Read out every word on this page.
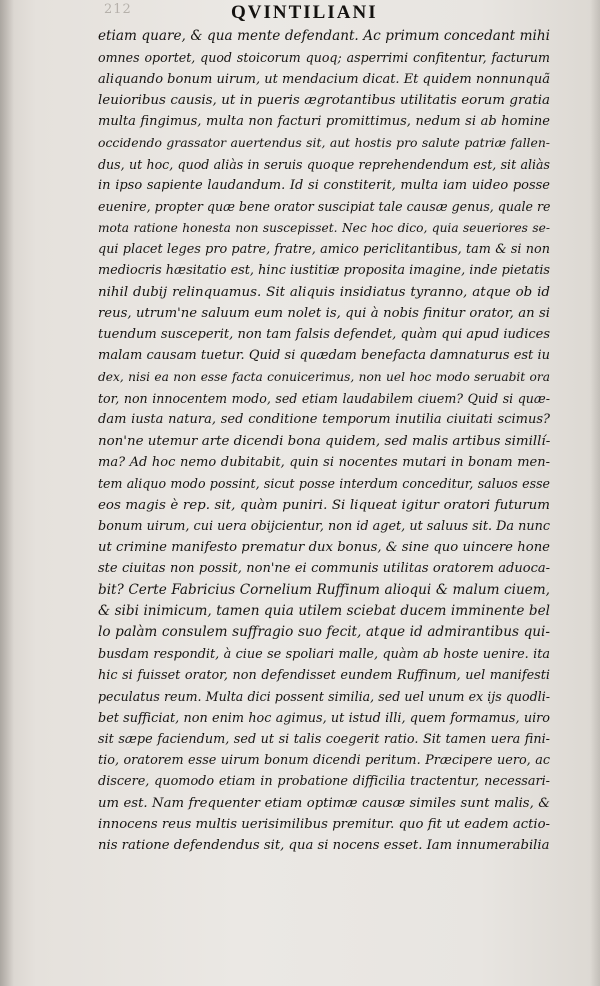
212	QVINTILIANI
etiam quare, & qua mente defendant. Ac primum concedant mihi
omnes oportet, quod stoicorum quoq; asperrimi confitentur, facturum
aliquando bonum uirum, ut mendacium dicat. Et quidem nonnunquã
leuioribus causis, ut in pueris ægrotantibus utilitatis eorum gratia
multa fingimus, multa non facturi promittimus, nedum si ab homine
occidendo grassator auertendus sit, aut hostis pro salute patriæ fallen-
dus, ut hoc, quod aliàs in seruis quoque reprehendendum est, sit aliàs
in ipso sapiente laudandum. Id si constiterit, multa iam uideo posse
euenire, propter quæ bene orator suscipiat tale causæ genus, quale re
mota ratione honesta non suscepisset. Nec hoc dico, quia seueriores se-
qui placet leges pro patre, fratre, amico periclitantibus, tam & si non
mediocris hæsitatio est, hinc iustitiæ proposita imagine, inde pietatis
nihil dubij relinquamus. Sit aliquis insidiatus tyranno, atque ob id
reus, utrum'ne saluum eum nolet is, qui à nobis finitur orator, an si
tuendum susceperit, non tam falsis defendet, quàm qui apud iudices
malam causam tuetur. Quid si quædam benefacta damnaturus est iu
dex, nisi ea non esse facta conuicerimus, non uel hoc modo seruabit ora
tor, non innocentem modo, sed etiam laudabilem ciuem? Quid si quæ-
dam iusta natura, sed conditione temporum inutilia ciuitati scimus?
non'ne utemur arte dicendi bona quidem, sed malis artibus simillí-
ma? Ad hoc nemo dubitabit, quin si nocentes mutari in bonam men-
tem aliquo modo possint, sicut posse interdum conceditur, saluos esse
eos magis è rep. sit, quàm puniri. Si liqueat igitur oratori futurum
bonum uirum, cui uera obijcientur, non id aget, ut saluus sit. Da nunc
ut crimine manifesto prematur dux bonus, & sine quo uincere hone
ste ciuitas non possit, non'ne ei communis utilitas oratorem aduoca-
bit? Certe Fabricius Cornelium Ruffinum alioqui & malum ciuem,
& sibi inimicum, tamen quia utilem sciebat ducem imminente bel
lo palàm consulem suffragio suo fecit, atque id admirantibus qui-
busdam respondit, à ciue se spoliari malle, quàm ab hoste uenire. ita
hic si fuisset orator, non defendisset eundem Ruffinum, uel manifesti
peculatus reum. Multa dici possent similia, sed uel unum ex ijs quodli-
bet sufficiat, non enim hoc agimus, ut istud illi, quem formamus, uiro
sit sæpe faciendum, sed ut si talis coegerit ratio. Sit tamen uera fini-
tio, oratorem esse uirum bonum dicendi peritum. Præcipere uero, ac
discere, quomodo etiam in probatione difficilia tractentur, necessari-
um est. Nam frequenter etiam optimæ causæ similes sunt malis, &
innocens reus multis uerisimilibus premitur. quo fit ut eadem actio-
nis ratione defendendus sit, qua si nocens esset. Iam innumerabilia
